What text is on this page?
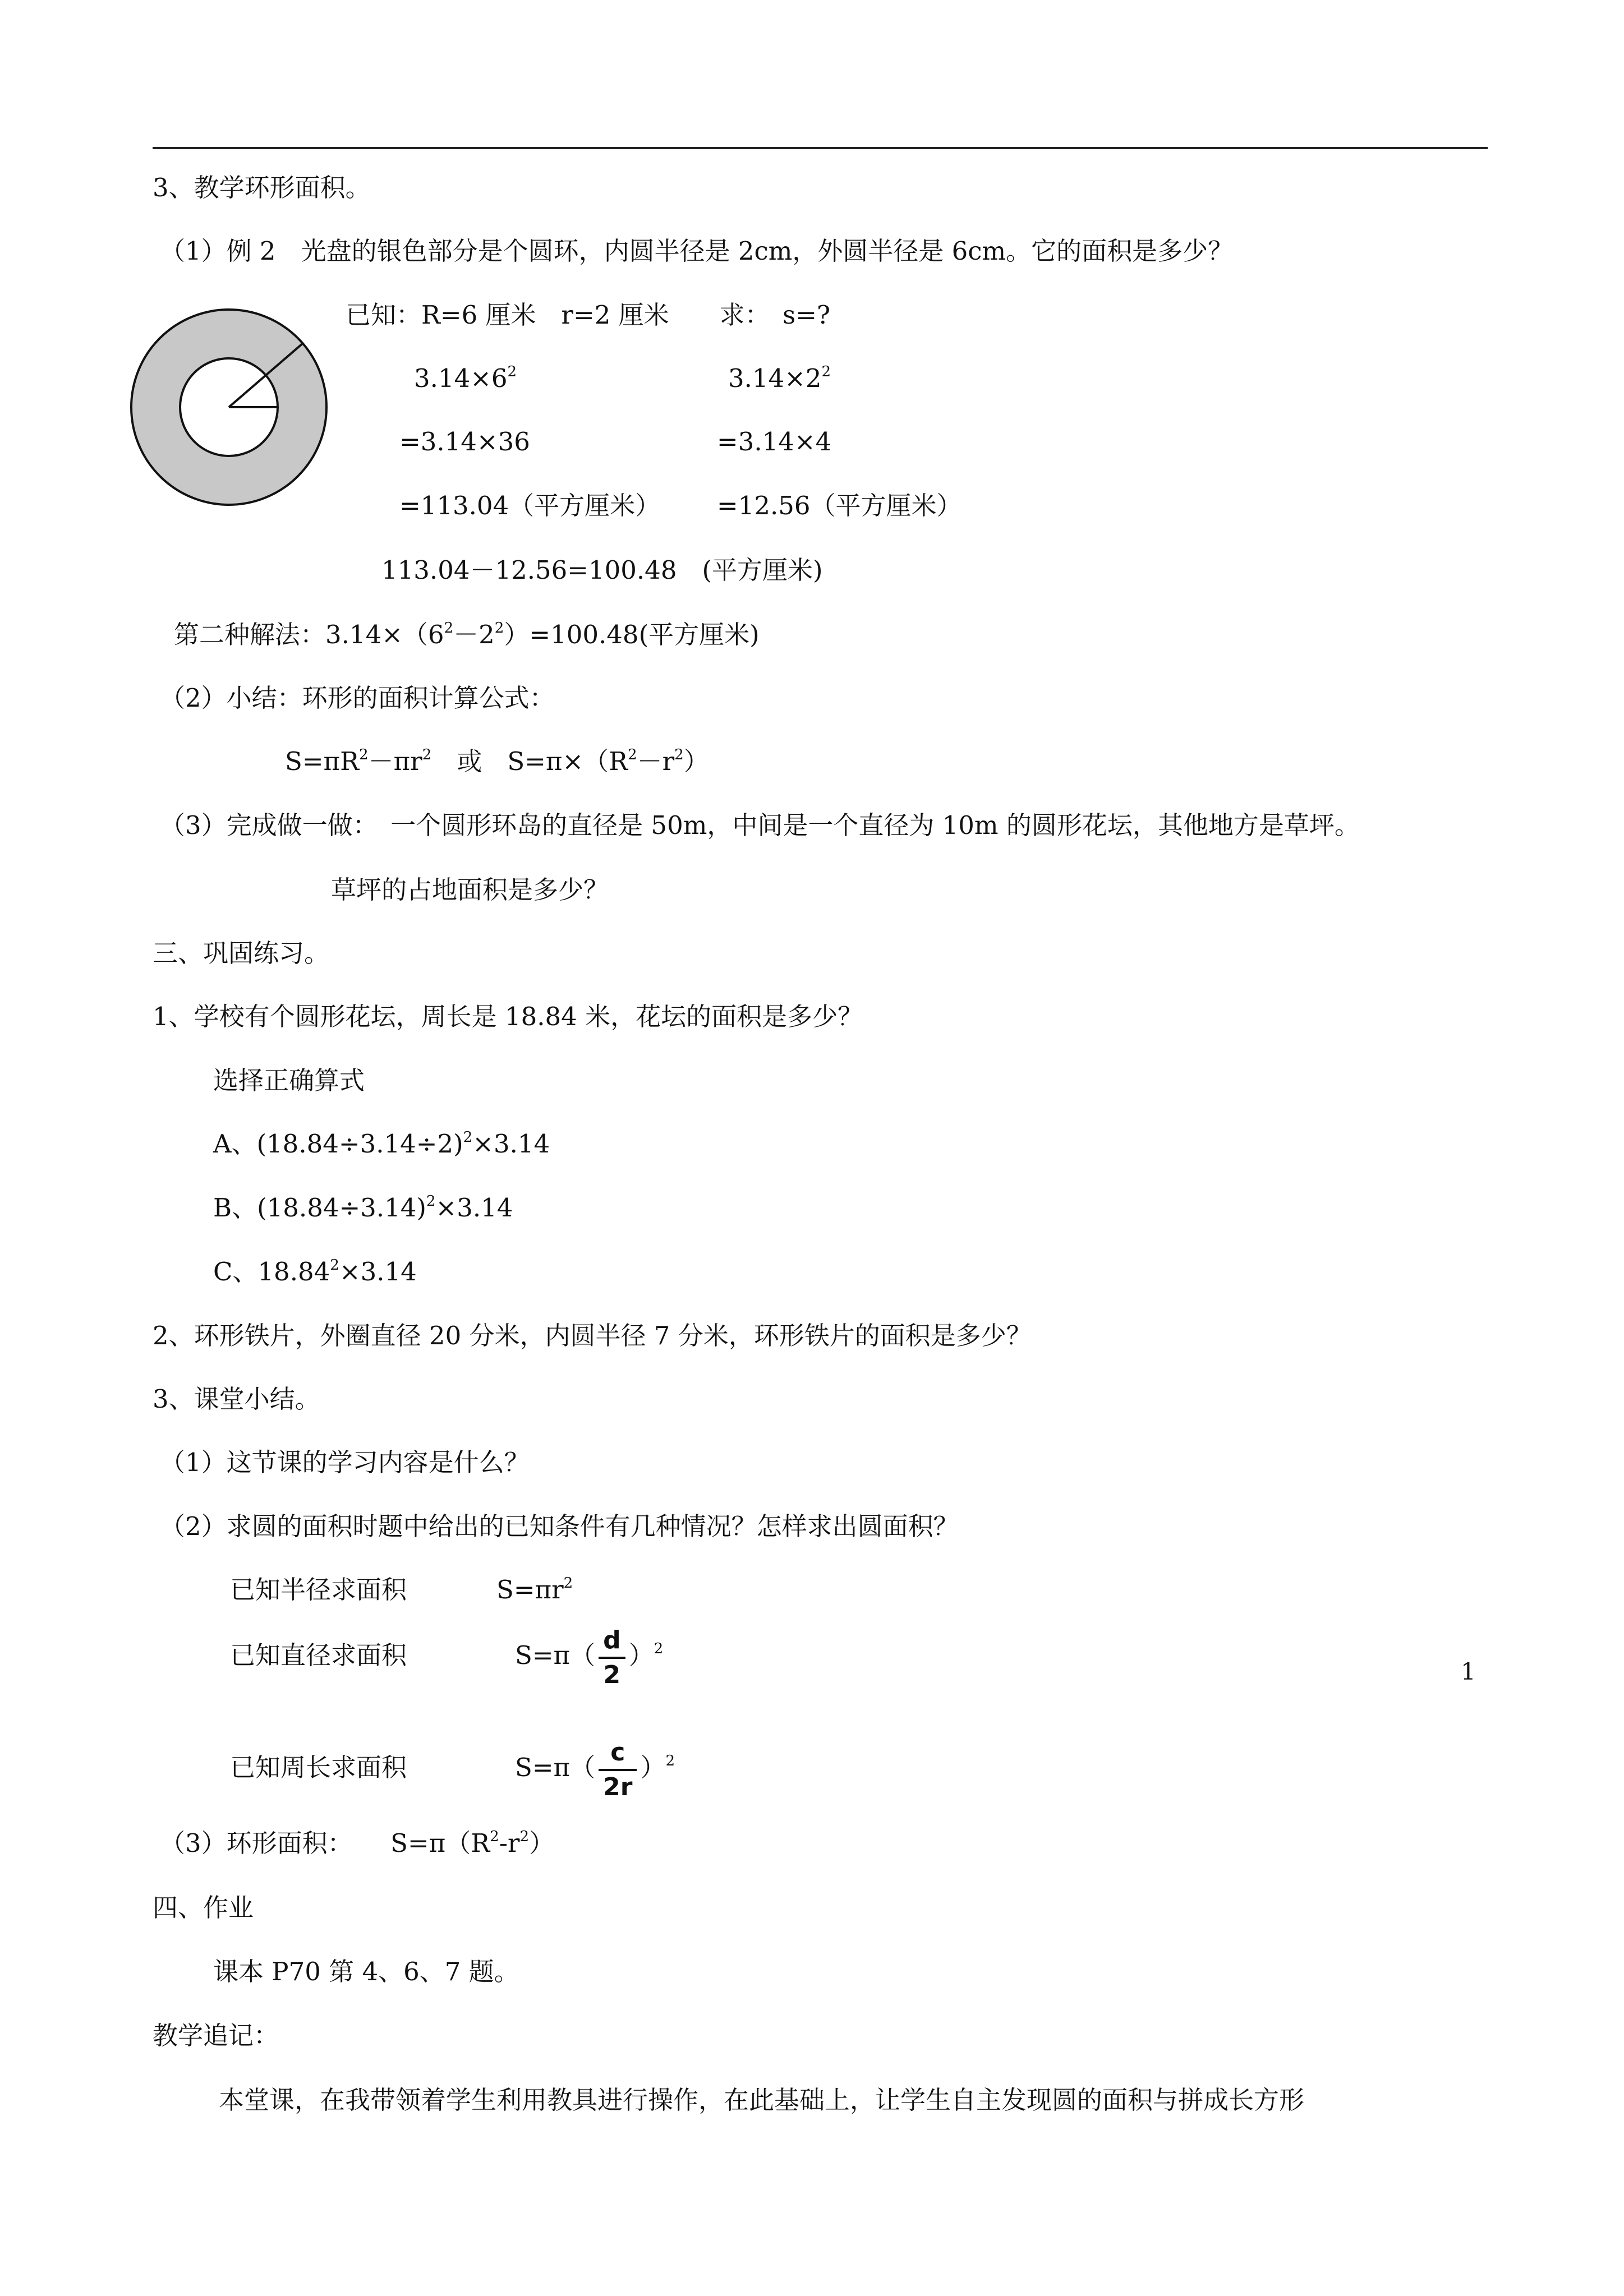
3、教学环形面积。
（1）例 2　光盘的银色部分是个圆环，内圆半径是 2cm，外圆半径是 6cm。它的面积是多少？
已知：R=6 厘米　r=2 厘米　　求：　s=?
$3.14\times 6^2$	$3.14\times 2^2$
=3.14×36	=3.14×4
=113.04（平方厘米） =12.56（平方厘米）
113.04－12.56=100.48　(平方厘米)
第二种解法：$3.14\times(6^2-2^2)=100.48$(平方厘米)
（2）小结：环形的面积计算公式：
$S=\pi R^2-\pi r^2$　或　$S=\pi\times(R^2-r^2)$
（3）完成做一做：　一个圆形环岛的直径是 50m，中间是一个直径为 10m 的圆形花坛，其他地方是草坪。
草坪的占地面积是多少？
三、巩固练习。
1、学校有个圆形花坛，周长是 18.84 米，花坛的面积是多少？
选择正确算式
A、$(18.84\div 3.14\div 2)^2\times 3.14$
B、$(18.84\div 3.14)^2\times 3.14$
C、$18.84^2\times 3.14$
2、环形铁片，外圈直径 20 分米，内圆半径 7 分米，环形铁片的面积是多少？
3、课堂小结。
（1）这节课的学习内容是什么？
（2）求圆的面积时题中给出的已知条件有几种情况？怎样求出圆面积？
已知半径求面积	$S=\pi r^2$
已知直径求面积	$S=\pi( \frac{d}{2} )^2$
已知周长求面积	$S=\pi( \frac{c}{2r} )^2$
（3）环形面积：　　$S=\pi(R^2-r^2)$
四、作业
课本 P70 第 4、6、7 题。
教学追记：
本堂课，在我带领着学生利用教具进行操作，在此基础上，让学生自主发现圆的面积与拼成长方形
1
